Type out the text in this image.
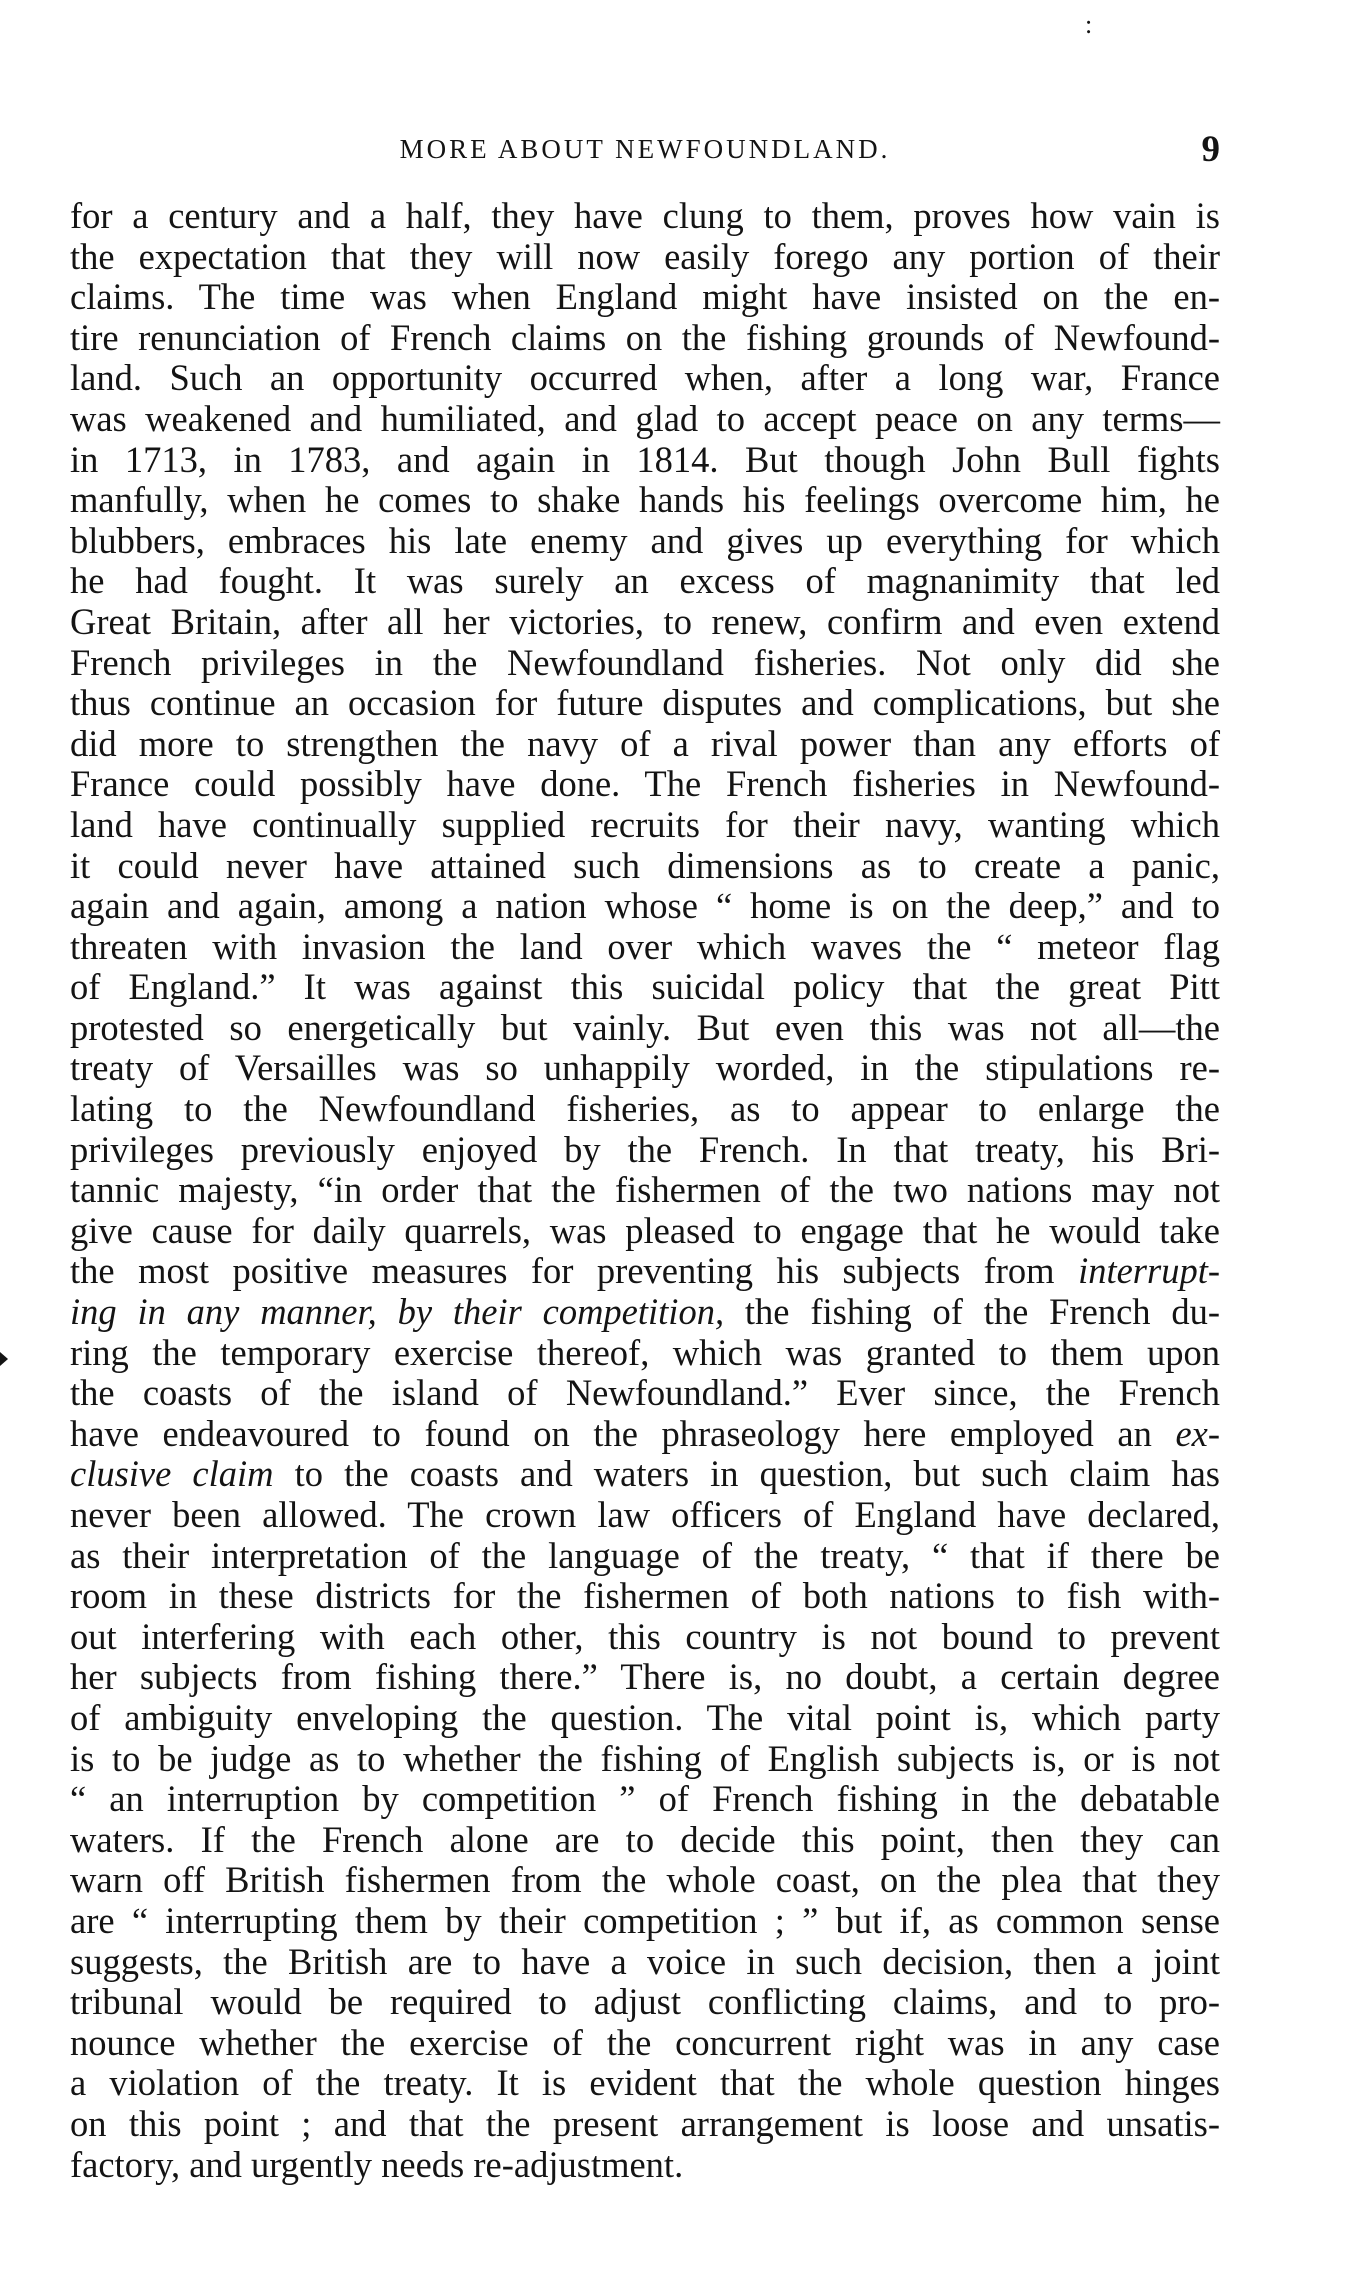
:
MORE ABOUT NEWFOUNDLAND.	9
for a century and a half, they have clung to them, proves how vain is
the expectation that they will now easily forego any portion of their
claims. The time was when England might have insisted on the en-
tire renunciation of French claims on the fishing grounds of Newfound-
land. Such an opportunity occurred when, after a long war, France
was weakened and humiliated, and glad to accept peace on any terms—
in 1713, in 1783, and again in 1814. But though John Bull fights
manfully, when he comes to shake hands his feelings overcome him, he
blubbers, embraces his late enemy and gives up everything for which
he had fought. It was surely an excess of magnanimity that led
Great Britain, after all her victories, to renew, confirm and even extend
French privileges in the Newfoundland fisheries. Not only did she
thus continue an occasion for future disputes and complications, but she
did more to strengthen the navy of a rival power than any efforts of
France could possibly have done. The French fisheries in Newfound-
land have continually supplied recruits for their navy, wanting which
it could never have attained such dimensions as to create a panic,
again and again, among a nation whose “ home is on the deep,” and to
threaten with invasion the land over which waves the “ meteor flag
of England.” It was against this suicidal policy that the great Pitt
protested so energetically but vainly. But even this was not all—the
treaty of Versailles was so unhappily worded, in the stipulations re-
lating to the Newfoundland fisheries, as to appear to enlarge the
privileges previously enjoyed by the French. In that treaty, his Bri-
tannic majesty, “in order that the fishermen of the two nations may not
give cause for daily quarrels, was pleased to engage that he would take
the most positive measures for preventing his subjects from interrupt-
ing in any manner, by their competition, the fishing of the French du-
ring the temporary exercise thereof, which was granted to them upon
the coasts of the island of Newfoundland.” Ever since, the French
have endeavoured to found on the phraseology here employed an ex-
clusive claim to the coasts and waters in question, but such claim has
never been allowed. The crown law officers of England have declared,
as their interpretation of the language of the treaty, “ that if there be
room in these districts for the fishermen of both nations to fish with-
out interfering with each other, this country is not bound to prevent
her subjects from fishing there.” There is, no doubt, a certain degree
of ambiguity enveloping the question. The vital point is, which party
is to be judge as to whether the fishing of English subjects is, or is not
“ an interruption by competition ” of French fishing in the debatable
waters. If the French alone are to decide this point, then they can
warn off British fishermen from the whole coast, on the plea that they
are “ interrupting them by their competition ; ” but if, as common sense
suggests, the British are to have a voice in such decision, then a joint
tribunal would be required to adjust conflicting claims, and to pro-
nounce whether the exercise of the concurrent right was in any case
a violation of the treaty. It is evident that the whole question hinges
on this point ; and that the present arrangement is loose and unsatis-
factory, and urgently needs re-adjustment.
